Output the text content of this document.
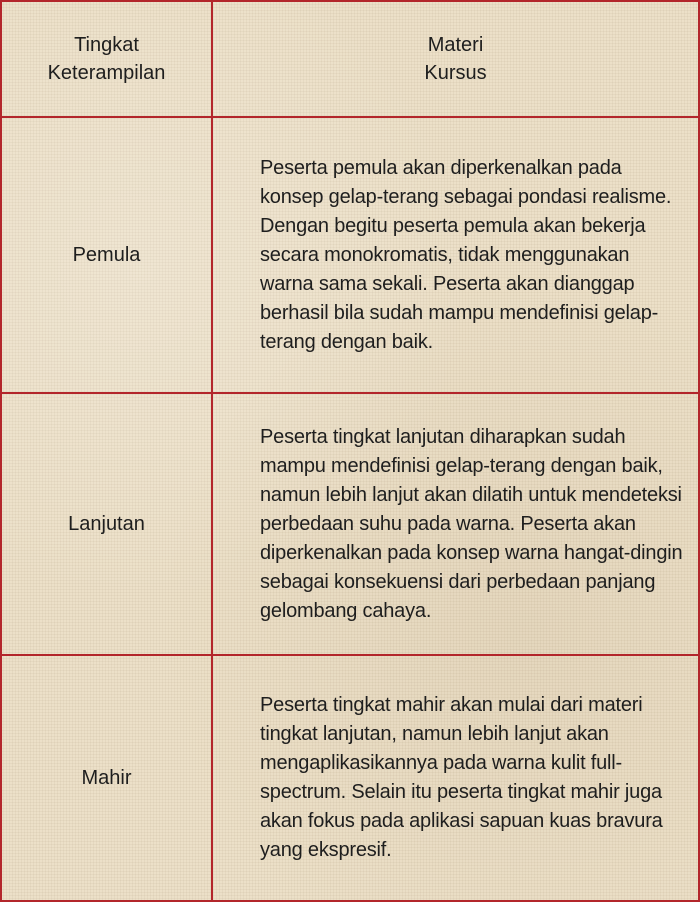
Tingkat
Keterampilan
Materi
Kursus
Pemula
Peserta pemula akan diperkenalkan pada konsep gelap-terang sebagai pondasi realisme. Dengan begitu peserta pemula akan bekerja secara monokromatis, tidak menggunakan warna sama sekali. Peserta akan dianggap berhasil bila sudah mampu mendefinisi gelap-terang dengan baik.
Lanjutan
Peserta tingkat lanjutan diharapkan sudah mampu mendefinisi gelap-terang dengan baik, namun lebih lanjut akan dilatih untuk mendeteksi perbedaan suhu pada warna. Peserta akan diperkenalkan pada konsep warna hangat-dingin sebagai konsekuensi dari perbedaan panjang gelombang cahaya.
Mahir
Peserta tingkat mahir akan mulai dari materi tingkat lanjutan, namun lebih lanjut akan mengaplikasikannya pada warna kulit full-spectrum. Selain itu peserta tingkat mahir juga akan fokus pada aplikasi sapuan kuas bravura yang ekspresif.
